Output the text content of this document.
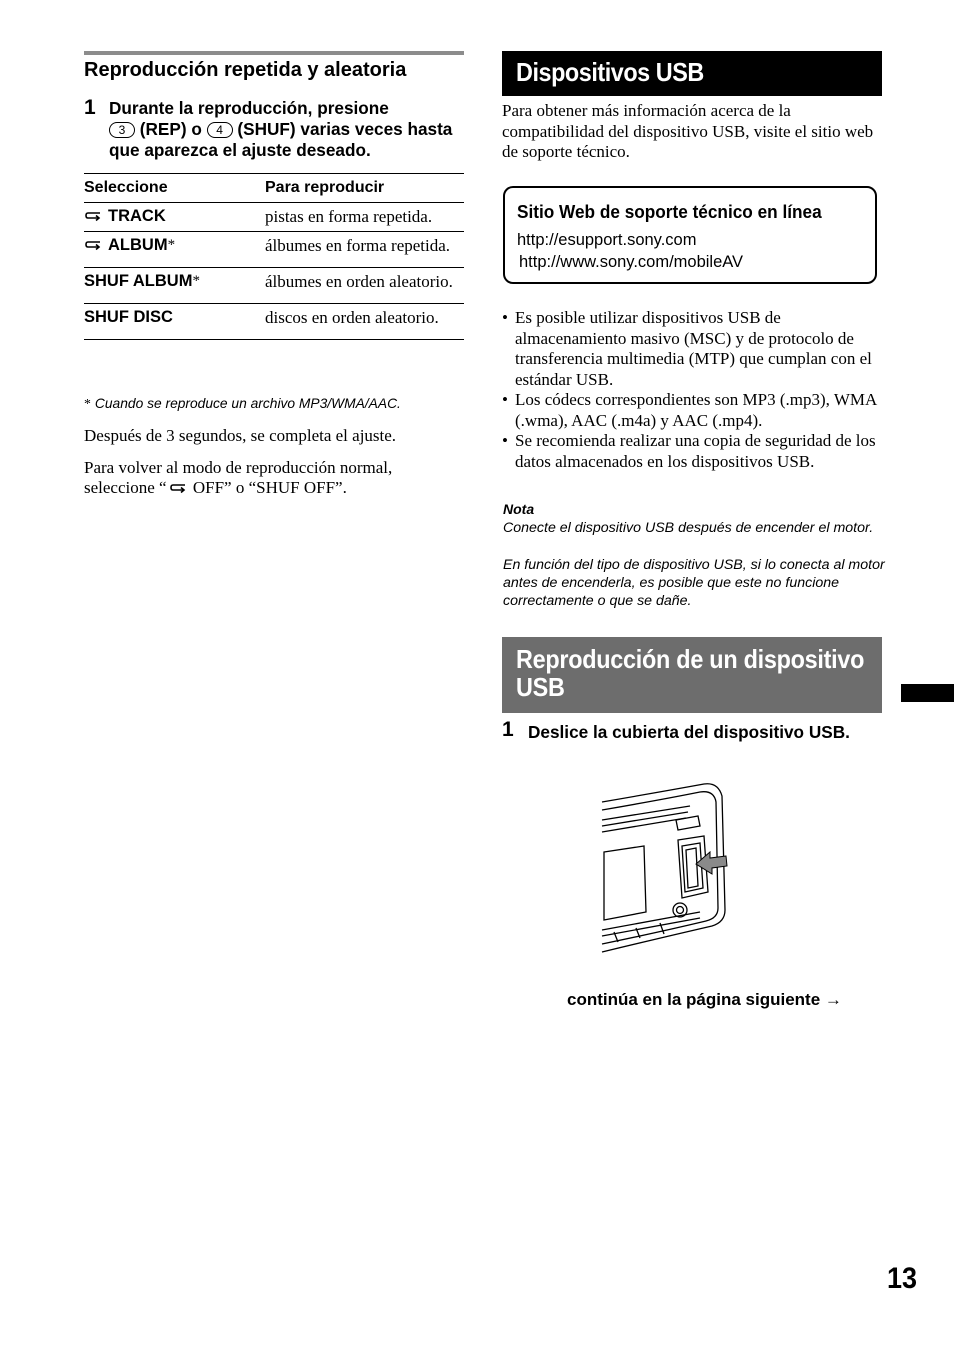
Reproducción repetida y aleatoria
1 Durante la reproducción, presione
3 (REP) o 4 (SHUF) varias veces hasta que aparezca el ajuste deseado.
Seleccione	Para reproducir
TRACK	pistas en forma repetida.
ALBUM*	álbumes en forma repetida.
SHUF ALBUM*	álbumes en orden aleatorio.
SHUF DISC	discos en orden aleatorio.
* Cuando se reproduce un archivo MP3/WMA/AAC.
Después de 3 segundos, se completa el ajuste.
Para volver al modo de reproducción normal, seleccione “ OFF” o “SHUF OFF”.
Dispositivos USB
Para obtener más información acerca de la compatibilidad del dispositivo USB, visite el sitio web de soporte técnico.
Sitio Web de soporte técnico en línea
http://esupport.sony.com
http://www.sony.com/mobileAV
• Es posible utilizar dispositivos USB de almacenamiento masivo (MSC) y de protocolo de transferencia multimedia (MTP) que cumplan con el estándar USB.
• Los códecs correspondientes son MP3 (.mp3), WMA (.wma), AAC (.m4a) y AAC (.mp4).
• Se recomienda realizar una copia de seguridad de los datos almacenados en los dispositivos USB.
Nota
Conecte el dispositivo USB después de encender el motor.
En función del tipo de dispositivo USB, si lo conecta al motor antes de encenderla, es posible que este no funcione correctamente o que se dañe.
Reproducción de un dispositivo USB
1 Deslice la cubierta del dispositivo USB.
continúa en la página siguiente →
13
